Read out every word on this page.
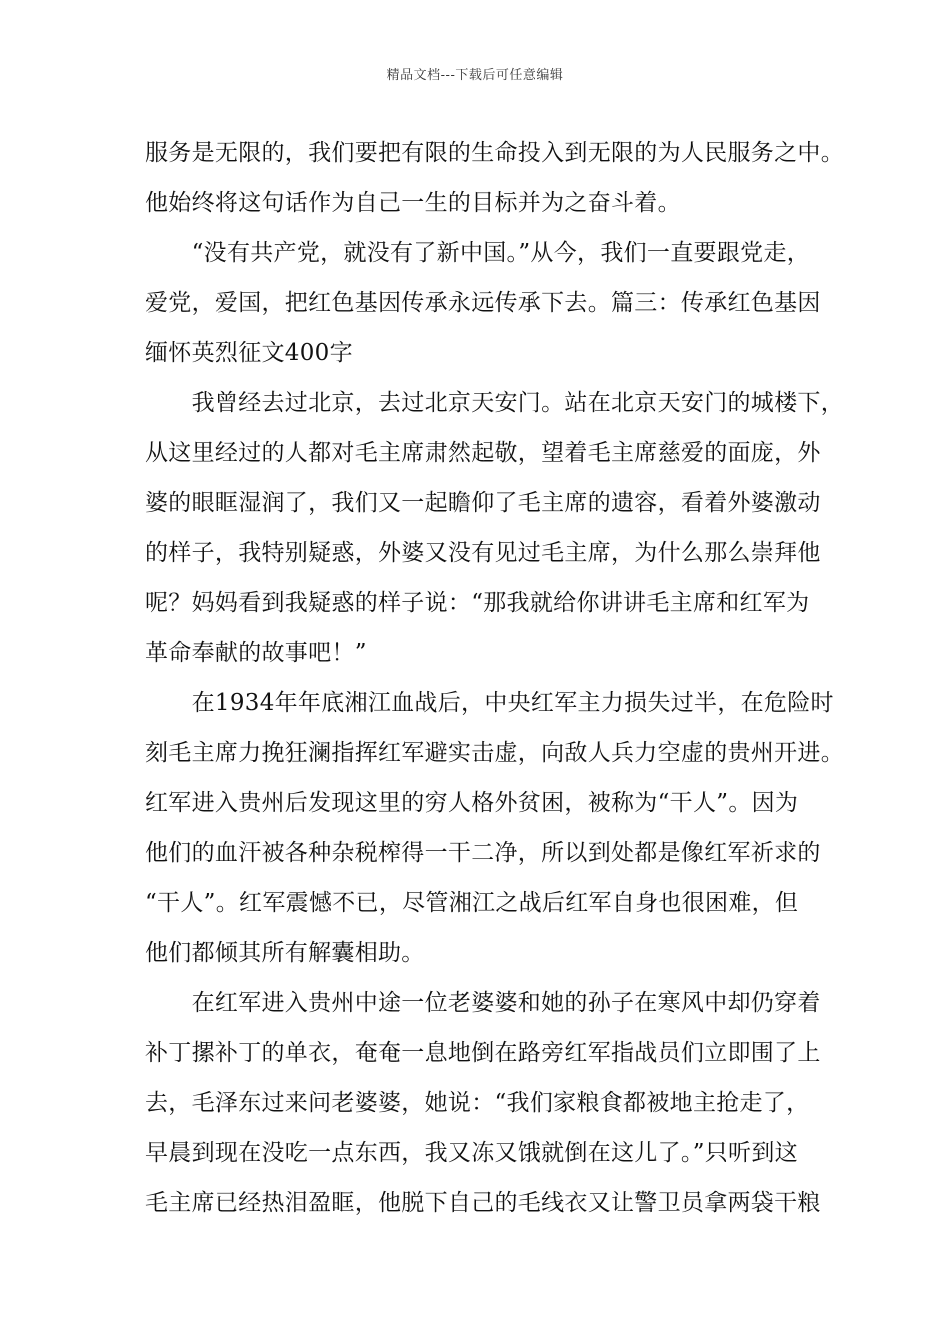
精品文档---下载后可任意编辑
服务是无限的，我们要把有限的生命投入到无限的为人民服务之中。
他始终将这句话作为自己一生的目标并为之奋斗着。
　　“没有共产党，就没有了新中国。”从今，我们一直要跟党走，
爱党，爱国，把红色基因传承永远传承下去。篇三：传承红色基因
缅怀英烈征文400字
　　我曾经去过北京，去过北京天安门。站在北京天安门的城楼下，
从这里经过的人都对毛主席肃然起敬，望着毛主席慈爱的面庞，外
婆的眼眶湿润了，我们又一起瞻仰了毛主席的遗容，看着外婆激动
的样子，我特别疑惑，外婆又没有见过毛主席，为什么那么崇拜他
呢？妈妈看到我疑惑的样子说：“那我就给你讲讲毛主席和红军为
革命奉献的故事吧！”
　　在1934年年底湘江血战后，中央红军主力损失过半，在危险时
刻毛主席力挽狂澜指挥红军避实击虚，向敌人兵力空虚的贵州开进。
红军进入贵州后发现这里的穷人格外贫困，被称为“干人”。因为
他们的血汗被各种杂税榨得一干二净，所以到处都是像红军祈求的
“干人”。红军震憾不已，尽管湘江之战后红军自身也很困难，但
他们都倾其所有解囊相助。
　　在红军进入贵州中途一位老婆婆和她的孙子在寒风中却仍穿着
补丁摞补丁的单衣，奄奄一息地倒在路旁红军指战员们立即围了上
去，毛泽东过来问老婆婆，她说：“我们家粮食都被地主抢走了，
早晨到现在没吃一点东西，我又冻又饿就倒在这儿了。”只听到这
毛主席已经热泪盈眶，他脱下自己的毛线衣又让警卫员拿两袋干粮
